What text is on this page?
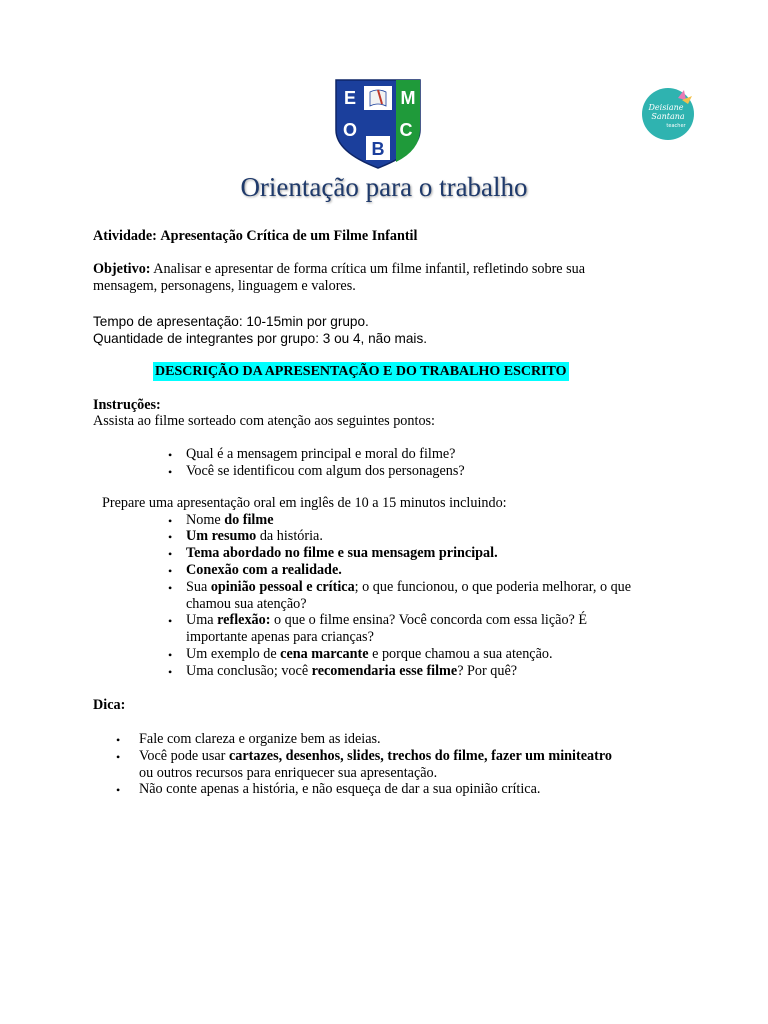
E M
O C
B
Deisiane
Santana
teacher
Orientação para o trabalho
Atividade: Apresentação Crítica de um Filme Infantil
Objetivo: Analisar e apresentar de forma crítica um filme infantil, refletindo sobre sua
mensagem, personagens, linguagem e valores.
Tempo de apresentação: 10-15min por grupo.
Quantidade de integrantes por grupo: 3 ou 4, não mais.
DESCRIÇÃO DA APRESENTAÇÃO E DO TRABALHO ESCRITO
Instruções:
Assista ao filme sorteado com atenção aos seguintes pontos:
• Qual é a mensagem principal e moral do filme?
• Você se identificou com algum dos personagens?
Prepare uma apresentação oral em inglês de 10 a 15 minutos incluindo:
• Nome do filme
• Um resumo da história.
• Tema abordado no filme e sua mensagem principal.
• Conexão com a realidade.
• Sua opinião pessoal e crítica; o que funcionou, o que poderia melhorar, o que
chamou sua atenção?
• Uma reflexão: o que o filme ensina? Você concorda com essa lição? É
importante apenas para crianças?
• Um exemplo de cena marcante e porque chamou a sua atenção.
• Uma conclusão; você recomendaria esse filme? Por quê?
Dica:
• Fale com clareza e organize bem as ideias.
• Você pode usar cartazes, desenhos, slides, trechos do filme, fazer um miniteatro
ou outros recursos para enriquecer sua apresentação.
• Não conte apenas a história, e não esqueça de dar a sua opinião crítica.
